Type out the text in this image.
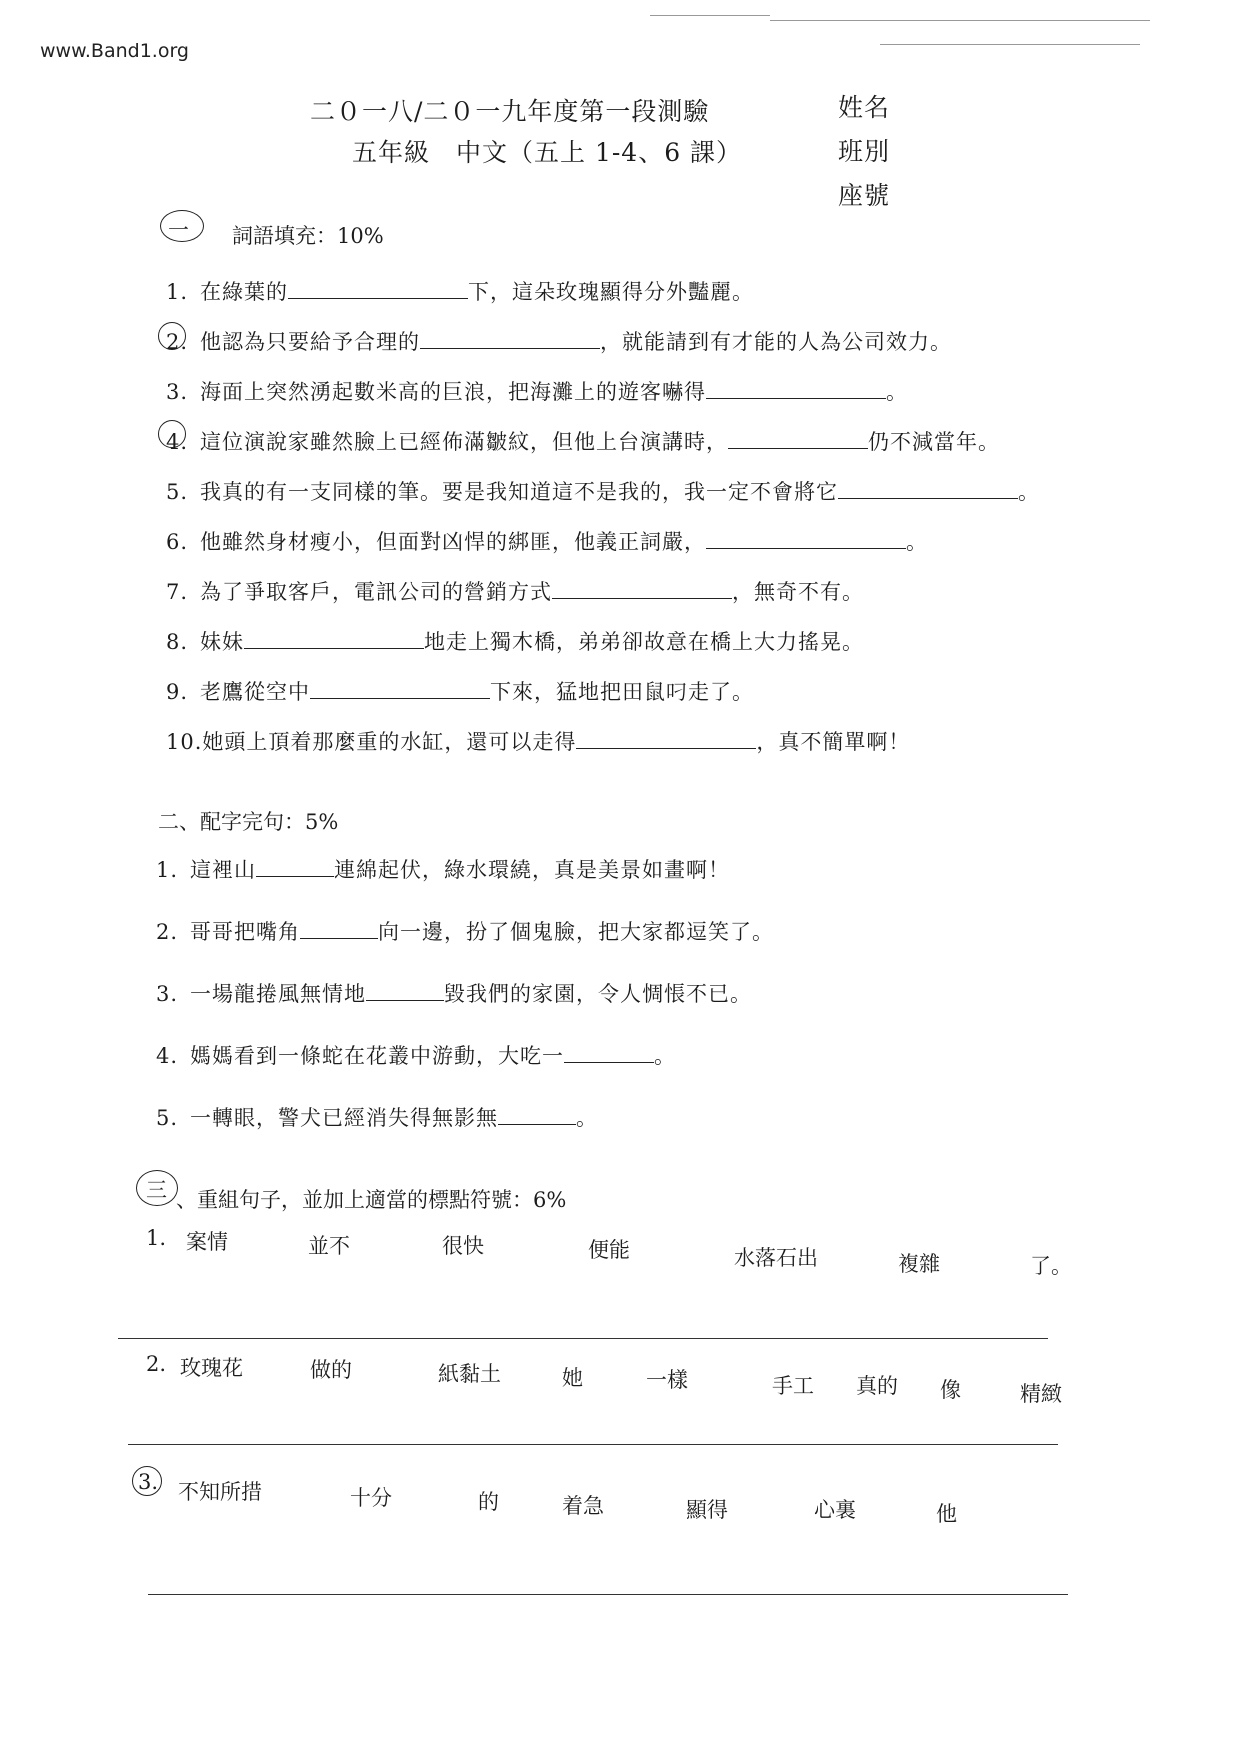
www.Band1.org
二０一八/二０一九年度第一段測驗
五年級　中文（五上 1-4、6 課）
姓名
班別
座號
一 詞語填充：10%
1. 在綠葉的	下，這朵玫瑰顯得分外豔麗。
2. 他認為只要給予合理的	，就能請到有才能的人為公司效力。
3. 海面上突然湧起數米高的巨浪，把海灘上的遊客嚇得	。
4. 這位演說家雖然臉上已經佈滿皺紋，但他上台演講時，	仍不減當年。
5. 我真的有一支同樣的筆。要是我知道這不是我的，我一定不會將它	。
6. 他雖然身材瘦小，但面對凶悍的綁匪，他義正詞嚴，	。
7. 為了爭取客戶，電訊公司的營銷方式	，無奇不有。
8. 妹妹	地走上獨木橋，弟弟卻故意在橋上大力搖晃。
9. 老鷹從空中	下來，猛地把田鼠叼走了。
10.她頭上頂着那麼重的水缸，還可以走得	，真不簡單啊！
二、配字完句：5%
1. 這裡山	連綿起伏，綠水環繞，真是美景如畫啊！
2. 哥哥把嘴角	向一邊，扮了個鬼臉，把大家都逗笑了。
3. 一場龍捲風無情地	毀我們的家園，令人惆悵不已。
4. 媽媽看到一條蛇在花叢中游動，大吃一	。
5. 一轉眼，警犬已經消失得無影無	。
三 、重組句子，並加上適當的標點符號：6%
1. 案情	並不	很快	便能	水落石出	複雜	了。
2. 玫瑰花	做的	紙黏土	她	一樣	手工 真的 像	精緻
3. 不知所措	十分	的	着急	顯得	心裏	他
